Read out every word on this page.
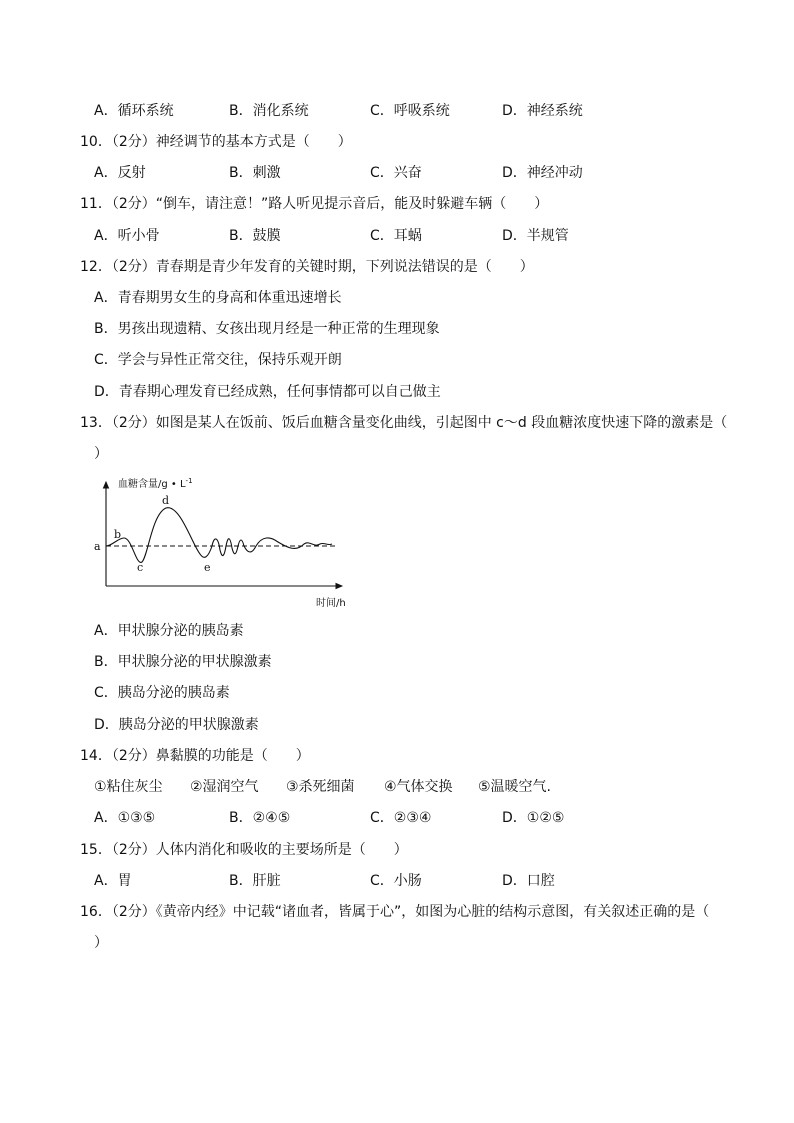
A．循环系统	B．消化系统	C．呼吸系统	D．神经系统
10．（2分）神经调节的基本方式是（　　）
A．反射	B．刺激	C．兴奋	D．神经冲动
11．（2分）“倒车，请注意！”路人听见提示音后，能及时躲避车辆（　　）
A．听小骨	B．鼓膜	C．耳蜗	D．半规管
12．（2分）青春期是青少年发育的关键时期，下列说法错误的是（　　）
A．青春期男女生的身高和体重迅速增长
B．男孩出现遗精、女孩出现月经是一种正常的生理现象
C．学会与异性正常交往，保持乐观开朗
D．青春期心理发育已经成熟，任何事情都可以自己做主
13．（2分）如图是某人在饭前、饭后血糖含量变化曲线，引起图中 c～d 段血糖浓度快速下降的激素是（
）
血糖含量/g • $L^{-1}$
a
b
c
d
e
时间/h
A．甲状腺分泌的胰岛素
B．甲状腺分泌的甲状腺激素
C．胰岛分泌的胰岛素
D．胰岛分泌的甲状腺激素
14．（2分）鼻黏膜的功能是（　　）
①粘住灰尘 ②湿润空气 ③杀死细菌 ④气体交换 ⑤温暖空气.
A．①③⑤	B．②④⑤	C．②③④	D．①②⑤
15．（2分）人体内消化和吸收的主要场所是（　　）
A．胃	B．肝脏	C．小肠	D．口腔
16．（2分）《黄帝内经》中记载“诸血者，皆属于心”，如图为心脏的结构示意图，有关叙述正确的是（
）
